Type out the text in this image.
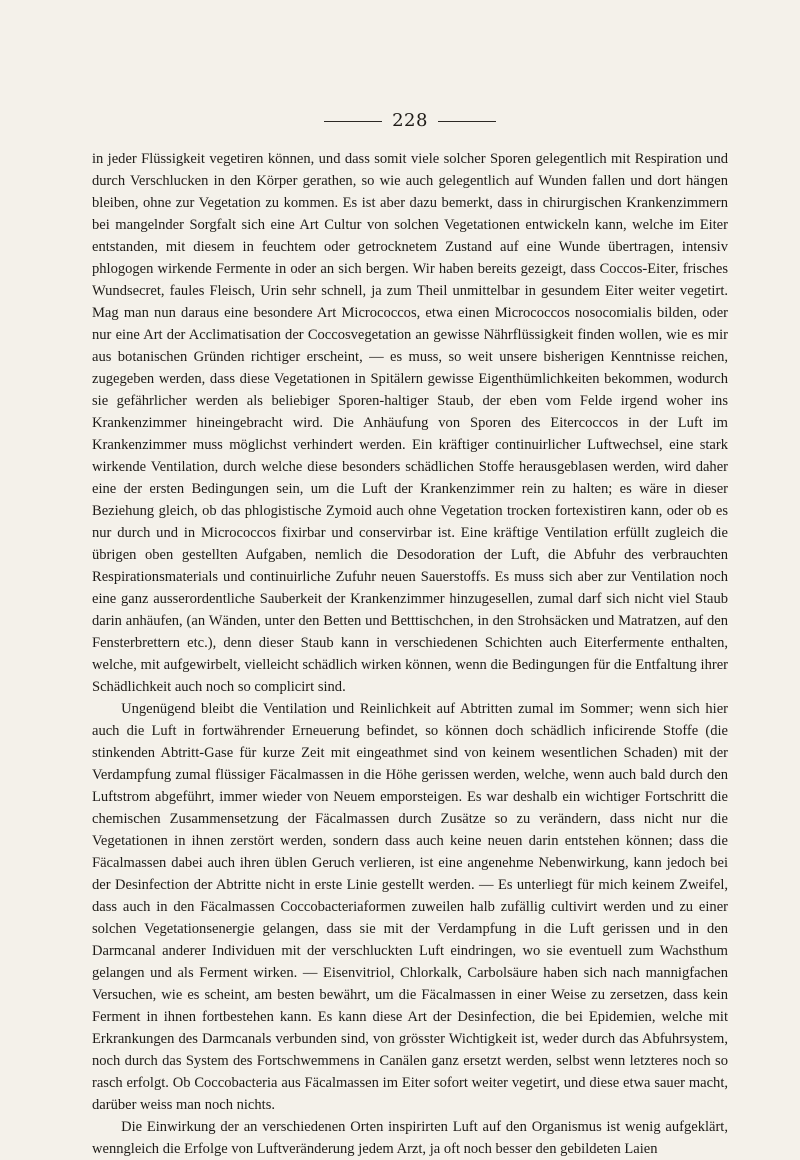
228

in jeder Flüssigkeit vegetiren können, und dass somit viele solcher Sporen gelegentlich mit Respiration und durch Verschlucken in den Körper gerathen, so wie auch gelegentlich auf Wunden fallen und dort hängen bleiben, ohne zur Vegetation zu kommen. Es ist aber dazu bemerkt, dass in chirurgischen Krankenzimmern bei mangelnder Sorgfalt sich eine Art Cultur von solchen Vegetationen entwickeln kann, welche im Eiter entstanden, mit diesem in feuchtem oder getrocknetem Zustand auf eine Wunde übertragen, intensiv phlogogen wirkende Fermente in oder an sich bergen. Wir haben bereits gezeigt, dass Coccos-Eiter, frisches Wundsecret, faules Fleisch, Urin sehr schnell, ja zum Theil unmittelbar in gesundem Eiter weiter vegetirt. Mag man nun daraus eine besondere Art Micrococcos, etwa einen Micrococcos nosocomialis bilden, oder nur eine Art der Acclimatisation der Coccosvegetation an gewisse Nährflüssigkeit finden wollen, wie es mir aus botanischen Gründen richtiger erscheint, — es muss, so weit unsere bisherigen Kenntnisse reichen, zugegeben werden, dass diese Vegetationen in Spitälern gewisse Eigenthümlichkeiten bekommen, wodurch sie gefährlicher werden als beliebiger Sporen-haltiger Staub, der eben vom Felde irgend woher ins Krankenzimmer hineingebracht wird. Die Anhäufung von Sporen des Eitercoccos in der Luft im Krankenzimmer muss möglichst verhindert werden. Ein kräftiger continuirlicher Luftwechsel, eine stark wirkende Ventilation, durch welche diese besonders schädlichen Stoffe herausgeblasen werden, wird daher eine der ersten Bedingungen sein, um die Luft der Krankenzimmer rein zu halten; es wäre in dieser Beziehung gleich, ob das phlogistische Zymoid auch ohne Vegetation trocken fortexistiren kann, oder ob es nur durch und in Micrococcos fixirbar und conservirbar ist. Eine kräftige Ventilation erfüllt zugleich die übrigen oben gestellten Aufgaben, nemlich die Desodoration der Luft, die Abfuhr des verbrauchten Respirationsmaterials und continuirliche Zufuhr neuen Sauerstoffs. Es muss sich aber zur Ventilation noch eine ganz ausserordentliche Sauberkeit der Krankenzimmer hinzugesellen, zumal darf sich nicht viel Staub darin anhäufen, (an Wänden, unter den Betten und Betttischchen, in den Strohsäcken und Matratzen, auf den Fensterbrettern etc.), denn dieser Staub kann in verschiedenen Schichten auch Eiterfermente enthalten, welche, mit aufgewirbelt, vielleicht schädlich wirken können, wenn die Bedingungen für die Entfaltung ihrer Schädlichkeit auch noch so complicirt sind.

Ungenügend bleibt die Ventilation und Reinlichkeit auf Abtritten zumal im Sommer; wenn sich hier auch die Luft in fortwährender Erneuerung befindet, so können doch schädlich inficirende Stoffe (die stinkenden Abtritt-Gase für kurze Zeit mit eingeathmet sind von keinem wesentlichen Schaden) mit der Verdampfung zumal flüssiger Fäcalmassen in die Höhe gerissen werden, welche, wenn auch bald durch den Luftstrom abgeführt, immer wieder von Neuem emporsteigen. Es war deshalb ein wichtiger Fortschritt die chemischen Zusammensetzung der Fäcalmassen durch Zusätze so zu verändern, dass nicht nur die Vegetationen in ihnen zerstört werden, sondern dass auch keine neuen darin entstehen können; dass die Fäcalmassen dabei auch ihren üblen Geruch verlieren, ist eine angenehme Nebenwirkung, kann jedoch bei der Desinfection der Abtritte nicht in erste Linie gestellt werden. — Es unterliegt für mich keinem Zweifel, dass auch in den Fäcalmassen Coccobacteriaformen zuweilen halb zufällig cultivirt werden und zu einer solchen Vegetationsenergie gelangen, dass sie mit der Verdampfung in die Luft gerissen und in den Darmcanal anderer Individuen mit der verschluckten Luft eindringen, wo sie eventuell zum Wachsthum gelangen und als Ferment wirken. — Eisenvitriol, Chlorkalk, Carbolsäure haben sich nach mannigfachen Versuchen, wie es scheint, am besten bewährt, um die Fäcalmassen in einer Weise zu zersetzen, dass kein Ferment in ihnen fortbestehen kann. Es kann diese Art der Desinfection, die bei Epidemien, welche mit Erkrankungen des Darmcanals verbunden sind, von grösster Wichtigkeit ist, weder durch das Abfuhrsystem, noch durch das System des Fortschwemmens in Canälen ganz ersetzt werden, selbst wenn letzteres noch so rasch erfolgt. Ob Coccobacteria aus Fäcalmassen im Eiter sofort weiter vegetirt, und diese etwa sauer macht, darüber weiss man noch nichts.

Die Einwirkung der an verschiedenen Orten inspirirten Luft auf den Organismus ist wenig aufgeklärt, wenngleich die Erfolge von Luftveränderung jedem Arzt, ja oft noch besser den gebildeten Laien
